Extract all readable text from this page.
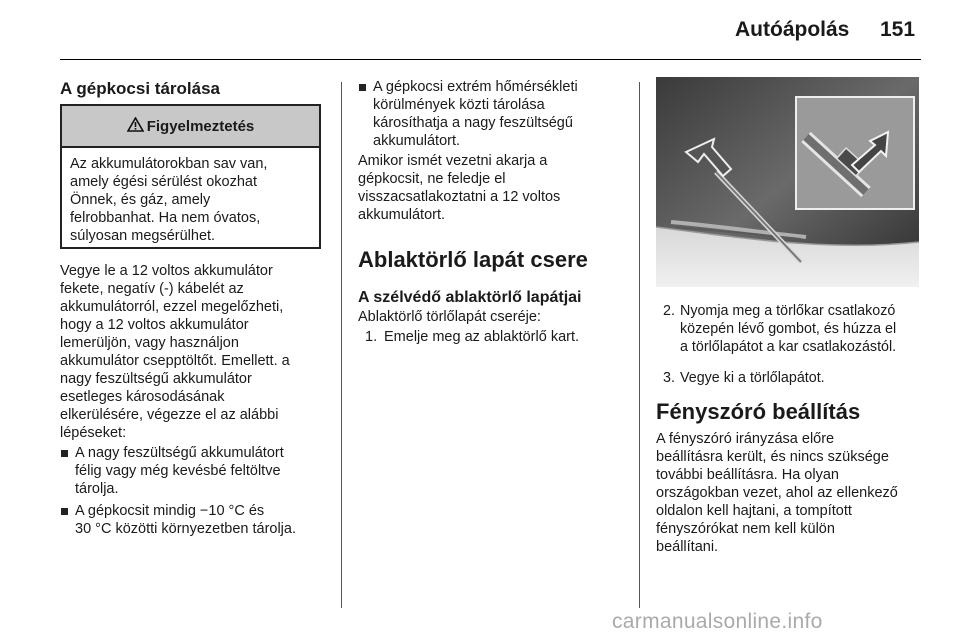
Autóápolás 151
A gépkocsi tárolása
Figyelmeztetés
Az akkumulátorokban sav van,
amely égési sérülést okozhat
Önnek, és gáz, amely
felrobbanhat. Ha nem óvatos,
súlyosan megsérülhet.
Vegye le a 12 voltos akkumulátor
fekete, negatív (-) kábelét az
akkumulátorról, ezzel megelőzheti,
hogy a 12 voltos akkumulátor
lemerüljön, vagy használjon
akkumulátor csepptöltőt. Emellett. a
nagy feszültségű akkumulátor
esetleges károsodásának
elkerülésére, végezze el az alábbi
lépéseket:
A nagy feszültségű akkumulátort
félig vagy még kevésbé feltöltve
tárolja.
A gépkocsit mindig −10 °C és
30 °C közötti környezetben tárolja.
A gépkocsi extrém hőmérsékleti
körülmények közti tárolása
károsíthatja a nagy feszültségű
akkumulátort.
Amikor ismét vezetni akarja a
gépkocsit, ne feledje el
visszacsatlakoztatni a 12 voltos
akkumulátort.
Ablaktörlő lapát csere
A szélvédő ablaktörlő lapátjai
Ablaktörlő törlőlapát cseréje:
1. Emelje meg az ablaktörlő kart.
2. Nyomja meg a törlőkar csatlakozó
közepén lévő gombot, és húzza el
a törlőlapátot a kar csatlakozástól.
3. Vegye ki a törlőlapátot.
Fényszóró beállítás
A fényszóró irányzása előre
beállításra került, és nincs szüksége
további beállításra. Ha olyan
országokban vezet, ahol az ellenkező
oldalon kell hajtani, a tompított
fényszórókat nem kell külön
beállítani.
carmanualsonline.info
